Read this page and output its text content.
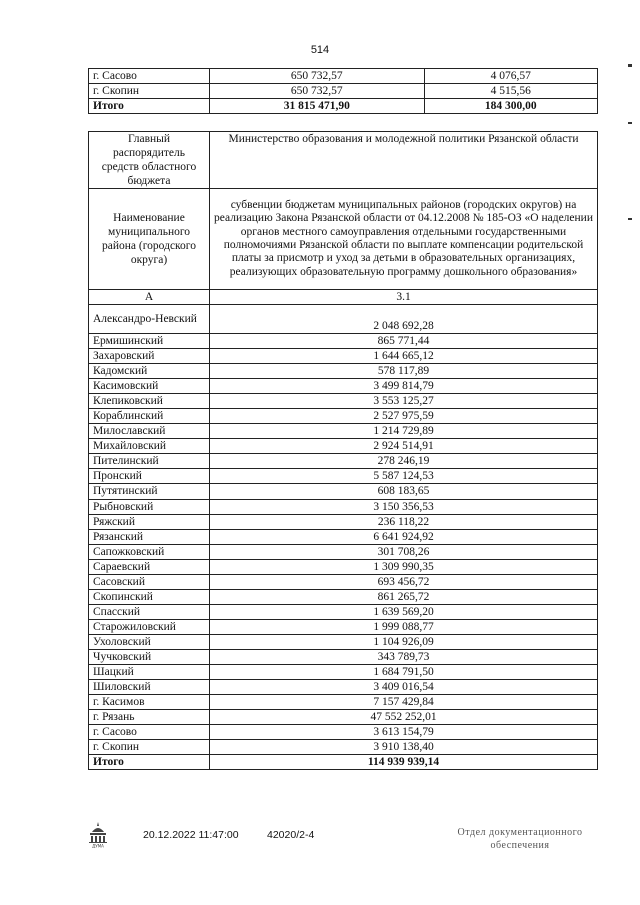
514
г. Сасово	650 732,57	4 076,57
г. Скопин	650 732,57	4 515,56
Итого	31 815 471,90	184 300,00
Главный распорядитель средств областного бюджета	Министерство образования и молодежной политики Рязанской области
Наименование муниципального района (городского округа)	субвенции бюджетам муниципальных районов (городских округов) на реализацию Закона Рязанской области от 04.12.2008 № 185-ОЗ «О наделении органов местного самоуправления отдельными государственными полномочиями Рязанской области по выплате компенсации родительской платы за присмотр и уход за детьми в образовательных организациях, реализующих образовательную программу дошкольного образования»
А	3.1
Александро-Невский	2 048 692,28
Ермишинский	865 771,44
Захаровский	1 644 665,12
Кадомский	578 117,89
Касимовский	3 499 814,79
Клепиковский	3 553 125,27
Кораблинский	2 527 975,59
Милославский	1 214 729,89
Михайловский	2 924 514,91
Пителинский	278 246,19
Пронский	5 587 124,53
Путятинский	608 183,65
Рыбновский	3 150 356,53
Ряжский	236 118,22
Рязанский	6 641 924,92
Сапожковский	301 708,26
Сараевский	1 309 990,35
Сасовский	693 456,72
Скопинский	861 265,72
Спасский	1 639 569,20
Старожиловский	1 999 088,77
Ухоловский	1 104 926,09
Чучковский	343 789,73
Шацкий	1 684 791,50
Шиловский	3 409 016,54
г. Касимов	7 157 429,84
г. Рязань	47 552 252,01
г. Сасово	3 613 154,79
г. Скопин	3 910 138,40
Итого	114 939 939,14
ДУМА
20.12.2022 11:47:00	42020/2-4	Отдел документационного
обеспечения
